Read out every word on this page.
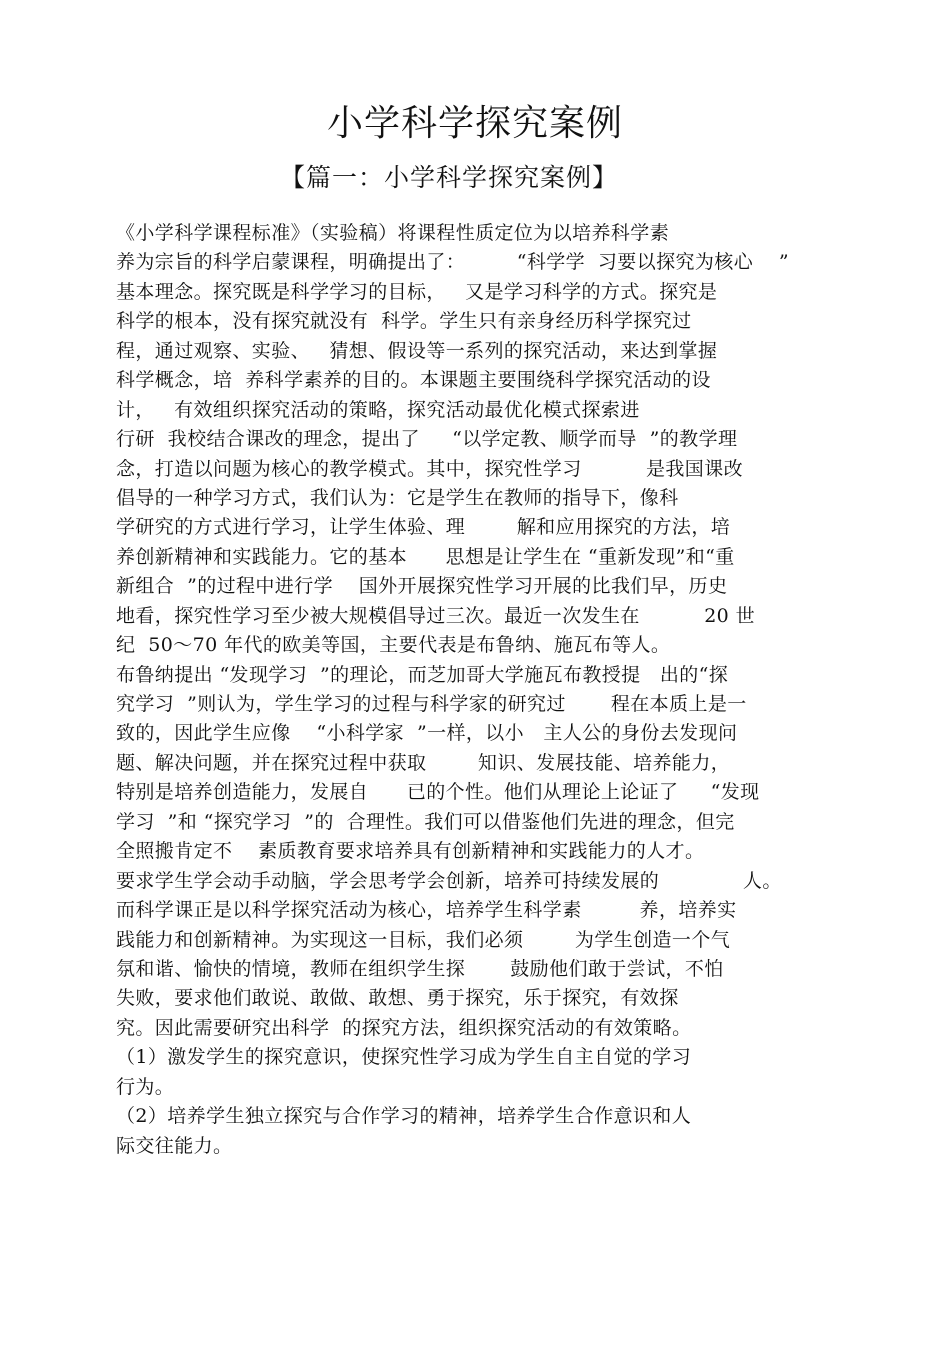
小学科学探究案例
【篇一：小学科学探究案例】
《小学科学课程标准》（实验稿）将课程性质定位为以培养科学素
养为宗旨的科学启蒙课程，明确提出了：        “科学学  习要以探究为核心    ”
基本理念。探究既是科学学习的目标，   又是学习科学的方式。探究是
科学的根本，没有探究就没有  科学。学生只有亲身经历科学探究过
程，通过观察、实验、   猜想、假设等一系列的探究活动，来达到掌握
科学概念，培  养科学素养的目的。本课题主要围绕科学探究活动的设
计，   有效组织探究活动的策略，探究活动最优化模式探索进
行研  我校结合课改的理念，提出了     “以学定教、顺学而导  ”的教学理
念，打造以问题为核心的教学模式。其中，探究性学习          是我国课改
倡导的一种学习方式，我们认为：它是学生在教师的指导下，像科
学研究的方式进行学习，让学生体验、理        解和应用探究的方法，培
养创新精神和实践能力。它的基本      思想是让学生在 “重新发现”和“重
新组合  ”的过程中进行学    国外开展探究性学习开展的比我们早，历史
地看，探究性学习至少被大规模倡导过三次。最近一次发生在          20 世
纪  50～70 年代的欧美等国，主要代表是布鲁纳、施瓦布等人。
布鲁纳提出 “发现学习  ”的理论，而芝加哥大学施瓦布教授提   出的“探
究学习  ”则认为，学生学习的过程与科学家的研究过       程在本质上是一
致的，因此学生应像    “小科学家  ”一样，以小   主人公的身份去发现问
题、解决问题，并在探究过程中获取        知识、发展技能、培养能力，
特别是培养创造能力，发展自      已的个性。他们从理论上论证了     “发现
学习  ”和 “探究学习  ”的  合理性。我们可以借鉴他们先进的理念，但完
全照搬肯定不    素质教育要求培养具有创新精神和实践能力的人才。
要求学生学会动手动脑，学会思考学会创新，培养可持续发展的             人。
而科学课正是以科学探究活动为核心，培养学生科学素         养，培养实
践能力和创新精神。为实现这一目标，我们必须        为学生创造一个气
氛和谐、愉快的情境，教师在组织学生探       鼓励他们敢于尝试，不怕
失败，要求他们敢说、敢做、敢想、勇于探究，乐于探究，有效探
究。因此需要研究出科学  的探究方法，组织探究活动的有效策略。
（1）激发学生的探究意识，使探究性学习成为学生自主自觉的学习
行为。
（2）培养学生独立探究与合作学习的精神，培养学生合作意识和人
际交往能力。
